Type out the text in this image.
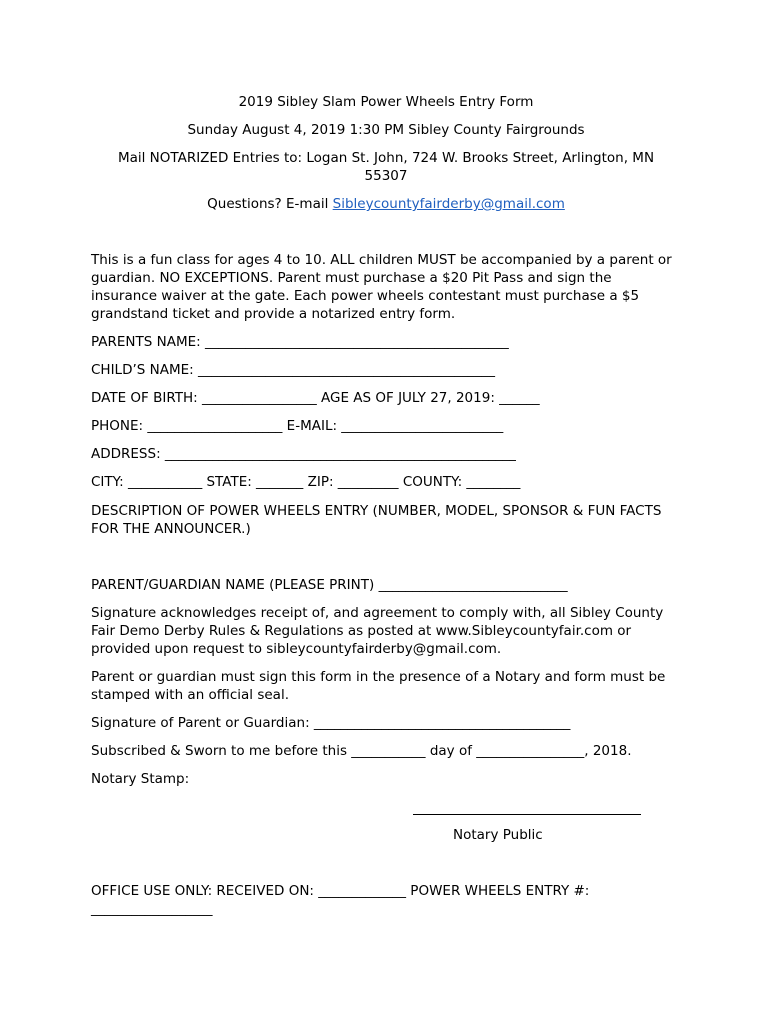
2019 Sibley Slam Power Wheels Entry Form
Sunday August 4, 2019 1:30 PM Sibley County Fairgrounds
Mail NOTARIZED Entries to: Logan St. John, 724 W. Brooks Street, Arlington, MN 55307
Questions? E-mail Sibleycountyfairderby@gmail.com
This is a fun class for ages 4 to 10. ALL children MUST be accompanied by a parent or guardian. NO EXCEPTIONS. Parent must purchase a $20 Pit Pass and sign the insurance waiver at the gate. Each power wheels contestant must purchase a $5 grandstand ticket and provide a notarized entry form.
PARENTS NAME: _____________________________________________
CHILD’S NAME: ____________________________________________
DATE OF BIRTH: _________________ AGE AS OF JULY 27, 2019: ______
PHONE: ____________________ E-MAIL: ________________________
ADDRESS: ____________________________________________________
CITY: ___________ STATE: _______ ZIP: _________ COUNTY: ________
DESCRIPTION OF POWER WHEELS ENTRY (NUMBER, MODEL, SPONSOR & FUN FACTS FOR THE ANNOUNCER.)
PARENT/GUARDIAN NAME (PLEASE PRINT) ____________________________
Signature acknowledges receipt of, and agreement to comply with, all Sibley County Fair Demo Derby Rules & Regulations as posted at www.Sibleycountyfair.com or provided upon request to sibleycountyfairderby@gmail.com.
Parent or guardian must sign this form in the presence of a Notary and form must be stamped with an official seal.
Signature of Parent or Guardian: ______________________________________
Subscribed & Sworn to me before this ___________ day of ________________, 2018.
Notary Stamp:
Notary Public
OFFICE USE ONLY: RECEIVED ON: _____________ POWER WHEELS ENTRY #: __________________
